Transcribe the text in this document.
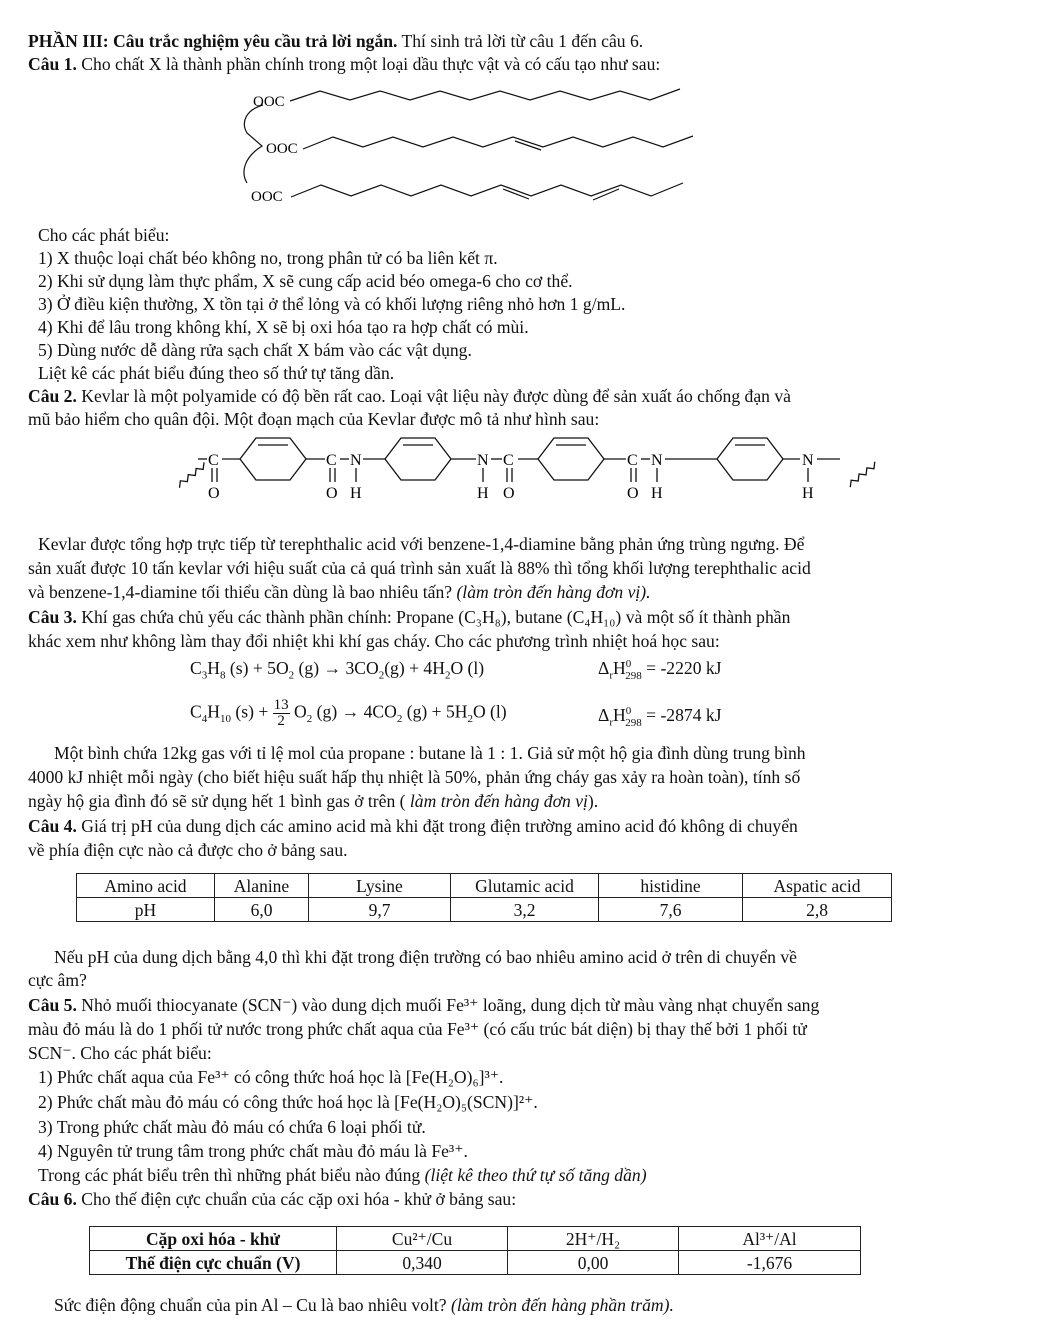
PHẦN III: Câu trắc nghiệm yêu cầu trả lời ngắn. Thí sinh trả lời từ câu 1 đến câu 6.
Câu 1. Cho chất X là thành phần chính trong một loại dầu thực vật và có cấu tạo như sau:
OOC
OOC
OOC
Cho các phát biểu:
1) X thuộc loại chất béo không no, trong phân tử có ba liên kết π.
2) Khi sử dụng làm thực phẩm, X sẽ cung cấp acid béo omega-6 cho cơ thể.
3) Ở điều kiện thường, X tồn tại ở thể lỏng và có khối lượng riêng nhỏ hơn 1 g/mL.
4) Khi để lâu trong không khí, X sẽ bị oxi hóa tạo ra hợp chất có mùi.
5) Dùng nước dễ dàng rửa sạch chất X bám vào các vật dụng.
Liệt kê các phát biểu đúng theo số thứ tự tăng dần.
Câu 2. Kevlar là một polyamide có độ bền rất cao. Loại vật liệu này được dùng để sản xuất áo chống đạn và
mũ bảo hiểm cho quân đội. Một đoạn mạch của Kevlar được mô tả như hình sau:
C
O
C
O
N
H
N
H
C
O
C
O
N
H
N
H
Kevlar được tổng hợp trực tiếp từ terephthalic acid với benzene-1,4-diamine bằng phản ứng trùng ngưng. Để
sản xuất được 10 tấn kevlar với hiệu suất của cả quá trình sản xuất là 88% thì tổng khối lượng terephthalic acid
và benzene-1,4-diamine tối thiểu cần dùng là bao nhiêu tấn? (làm tròn đến hàng đơn vị).
Câu 3. Khí gas chứa chủ yếu các thành phần chính: Propane (C₃H₈), butane (C₄H₁₀) và một số ít thành phần
khác xem như không làm thay đổi nhiệt khi khí gas cháy. Cho các phương trình nhiệt hoá học sau:
$C_3H_8$ $(s) + 5O_2$ $(g) \to 3CO_2(g) + 4H_2O$ (l)	$\Delta_rH^0_{298} = -2220$ kJ
$C_4H_{10}$ $(s) + \frac{13}{2} O_2$ $(g) \to 4CO_2$ $(g) + 5H_2O$ (l)	$\Delta_rH^0_{298} = -2874$ kJ
Một bình chứa 12kg gas với tỉ lệ mol của propane : butane là 1 : 1. Giả sử một hộ gia đình dùng trung bình
4000 kJ nhiệt mỗi ngày (cho biết hiệu suất hấp thụ nhiệt là 50%, phản ứng cháy gas xảy ra hoàn toàn), tính số
ngày hộ gia đình đó sẽ sử dụng hết 1 bình gas ở trên ( làm tròn đến hàng đơn vị).
Câu 4. Giá trị pH của dung dịch các amino acid mà khi đặt trong điện trường amino acid đó không di chuyển
về phía điện cực nào cả được cho ở bảng sau.
Amino acid	Alanine	Lysine	Glutamic acid	histidine	Aspatic acid
pH	6,0	9,7	3,2	7,6	2,8
Nếu pH của dung dịch bằng 4,0 thì khi đặt trong điện trường có bao nhiêu amino acid ở trên di chuyển về
cực âm?
Câu 5. Nhỏ muối thiocyanate (SCN⁻) vào dung dịch muối Fe³⁺ loãng, dung dịch từ màu vàng nhạt chuyển sang
màu đỏ máu là do 1 phối tử nước trong phức chất aqua của Fe³⁺ (có cấu trúc bát diện) bị thay thế bởi 1 phối tử
SCN⁻. Cho các phát biểu:
1) Phức chất aqua của Fe³⁺ có công thức hoá học là [Fe(H₂O)₆]³⁺.
2) Phức chất màu đỏ máu có công thức hoá học là [Fe(H₂O)₅(SCN)]²⁺.
3) Trong phức chất màu đỏ máu có chứa 6 loại phối tử.
4) Nguyên tử trung tâm trong phức chất màu đỏ máu là Fe³⁺.
Trong các phát biểu trên thì những phát biểu nào đúng (liệt kê theo thứ tự số tăng dần)
Câu 6. Cho thế điện cực chuẩn của các cặp oxi hóa - khử ở bảng sau:
Cặp oxi hóa - khử	Cu²⁺/Cu	2H⁺/H₂	Al³⁺/Al
Thế điện cực chuẩn (V)	0,340	0,00	-1,676
Sức điện động chuẩn của pin Al – Cu là bao nhiêu volt? (làm tròn đến hàng phần trăm).
